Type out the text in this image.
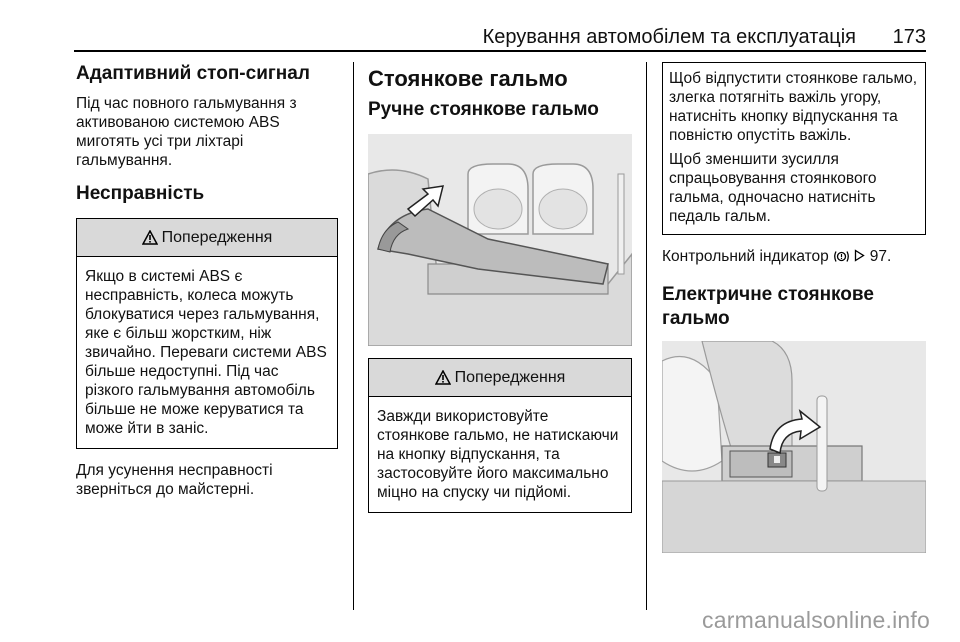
Керування автомобілем та експлуатація 173
Адаптивний стоп-сигнал

Під час повного гальмування з активованою системою ABS миготять усі три ліхтарі гальмування.

Несправність
Попередження
Якщо в системі ABS є несправність, колеса можуть блокуватися через гальмування, яке є більш жорстким, ніж звичайно. Переваги системи ABS більше недоступні. Під час різкого гальмування автомобіль більше не може керуватися та може йти в заніс.

Для усунення несправності зверніться до майстерні.

Стоянкове гальмо
Ручне стоянкове гальмо
Попередження
Завжди використовуйте стоянкове гальмо, не натискаючи на кнопку відпускання, та застосовуйте його максимально міцно на спуску чи підйомі.

Щоб відпустити стоянкове гальмо, злегка потягніть важіль угору, натисніть кнопку відпускання та повністю опустіть важіль.

Щоб зменшити зусилля спрацьовування стоянкового гальма, одночасно натисніть педаль гальм.

Контрольний індикатор	97.

Електричне стоянкове гальмо
carmanualsonline.info
